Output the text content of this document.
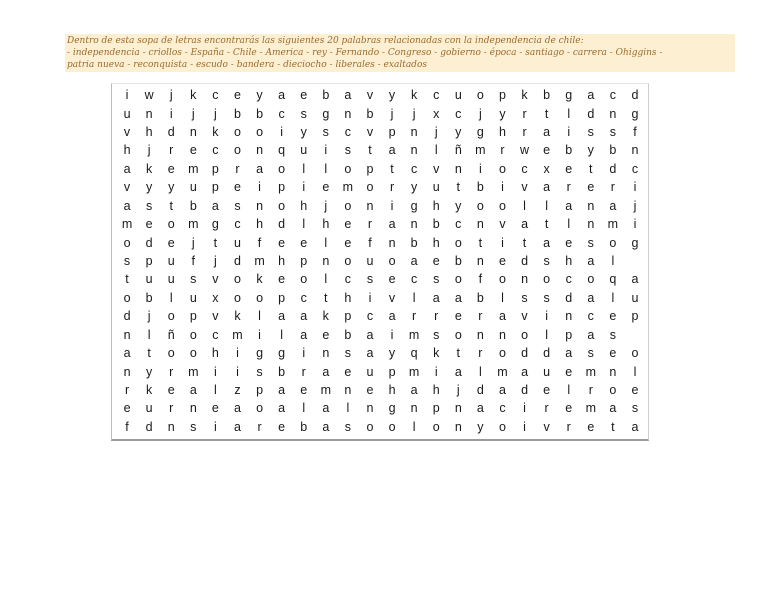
Dentro de esta sopa de letras encontrarás las siguientes 20 palabras relacionadas con la independencia de chile:
- independencia - criollos - España - Chile - America - rey - Fernando - Congreso - gobierno - época - santiago - carrera - Ohiggins -
patria nueva - reconquista - escudo - bandera - dieciocho - liberales - exaltados
i	w	j	k	c	e	y	a	e	b	a	v	y	k	c	u	o	p	k	b	g	a	c	d
u	n	i	j	j	b	b	c	s	g	n	b	j	j	x	c	j	y	r	t	l	d	n	g
v	h	d	n	k	o	o	i	y	s	c	v	p	n	j	y	g	h	r	a	i	s	s	f
h	j	r	e	c	o	n	q	u	i	s	t	a	n	l	ñ	m	r	w	e	b	y	b	n
a	k	e	m	p	r	a	o	l	l	o	p	t	c	v	n	i	o	c	x	e	t	d	c
v	y	y	u	p	e	i	p	i	e	m	o	r	y	u	t	b	i	v	a	r	e	r	i
a	s	t	b	a	s	n	o	h	j	o	n	i	g	h	y	o	o	l	l	a	n	a	j
m	e	o	m	g	c	h	d	l	h	e	r	a	n	b	c	n	v	a	t	l	n	m	i
o	d	e	j	t	u	f	e	e	l	e	f	n	b	h	o	t	i	t	a	e	s	o	g
s	p	u	f	j	d	m	h	p	n	o	u	o	a	e	b	n	e	d	s	h	a	l
t	u	u	s	v	o	k	e	o	l	c	s	e	c	s	o	f	o	n	o	c	o	q	a
o	b	l	u	x	o	o	p	c	t	h	i	v	l	a	a	b	l	s	s	d	a	l	u
d	j	o	p	v	k	l	a	a	k	p	c	a	r	r	e	r	a	v	i	n	c	e	p
n	l	ñ	o	c	m	i	l	a	e	b	a	i	m	s	o	n	n	o	l	p	a	s
a	t	o	o	h	i	g	g	i	n	s	a	y	q	k	t	r	o	d	d	a	s	e	o
n	y	r	m	i	i	s	b	r	a	e	u	p	m	i	a	l	m	a	u	e	m	n	l
r	k	e	a	l	z	p	a	e	m	n	e	h	a	h	j	d	a	d	e	l	r	o	e
e	u	r	n	e	a	o	a	l	a	l	n	g	n	p	n	a	c	i	r	e	m	a	s
f	d	n	s	i	a	r	e	b	a	s	o	o	l	o	n	y	o	i	v	r	e	t	a
